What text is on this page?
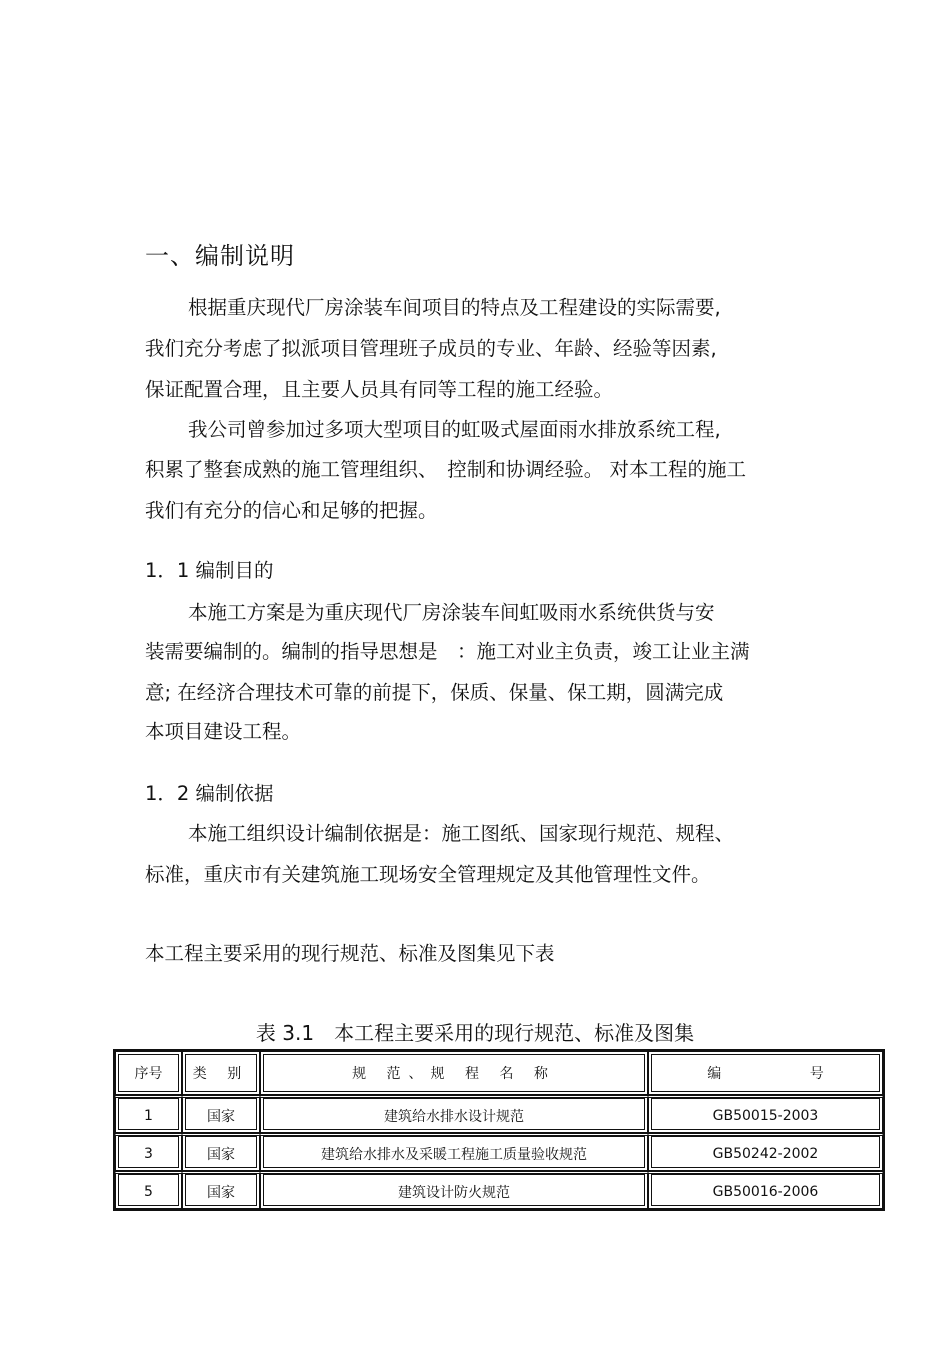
一、编制说明
根据重庆现代厂房涂装车间项目的特点及工程建设的实际需要,
我们充分考虑了拟派项目管理班子成员的专业、年龄、经验等因素,
保证配置合理，且主要人员具有同等工程的施工经验。
我公司曾参加过多项大型项目的虹吸式屋面雨水排放系统工程,
积累了整套成熟的施工管理组织、　控制和协调经验。 对本工程的施工
我们有充分的信心和足够的把握。
1．1 编制目的
本施工方案是为重庆现代厂房涂装车间虹吸雨水系统供货与安
装需要编制的。编制的指导思想是　：施工对业主负责，竣工让业主满
意; 在经济合理技术可靠的前提下，保质、保量、保工期，圆满完成
本项目建设工程。
1．2 编制依据
本施工组织设计编制依据是：施工图纸、国家现行规范、规程、
标准，重庆市有关建筑施工现场安全管理规定及其他管理性文件。
本工程主要采用的现行规范、标准及图集见下表
表 3.1　本工程主要采用的现行规范、标准及图集
序号	类 别	规 范、规 程 名 称	编 号
1	国家	建筑给水排水设计规范	GB50015-2003
3	国家	建筑给水排水及采暖工程施工质量验收规范	GB50242-2002
5	国家	建筑设计防火规范	GB50016-2006
